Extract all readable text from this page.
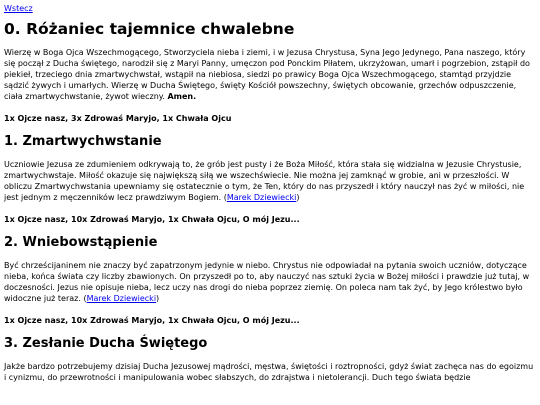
Wstecz
0. Różaniec tajemnice chwalebne

Wierzę w Boga Ojca Wszechmogącego, Stworzyciela nieba i ziemi, i w Jezusa Chrystusa, Syna Jego Jedynego, Pana naszego, który się począł z Ducha świętego, narodził się z Maryi Panny, umęczon pod Ponckim Piłatem, ukrzyżowan, umarł i pogrzebion, zstąpił do piekieł, trzeciego dnia zmartwychwstał, wstąpił na niebiosa, siedzi po prawicy Boga Ojca Wszechmogącego, stamtąd przyjdzie sądzić żywych i umarłych. Wierzę w Ducha Świętego, święty Kościół powszechny, świętych obcowanie, grzechów odpuszczenie, ciała zmartwychwstanie, żywot wieczny. Amen.

1x Ojcze nasz, 3x Zdrowaś Maryjo, 1x Chwała Ojcu

1. Zmartwychwstanie

Uczniowie Jezusa ze zdumieniem odkrywają to, że grób jest pusty i że Boża Miłość, która stała się widzialna w Jezusie Chrystusie, zmartwychwstaje. Miłość okazuje się największą siłą we wszechświecie. Nie można jej zamknąć w grobie, ani w przeszłości. W obliczu Zmartwychwstania upewniamy się ostatecznie o tym, że Ten, który do nas przyszedł i który nauczył nas żyć w miłości, nie jest jednym z męczenników lecz prawdziwym Bogiem. (Marek Dziewiecki)

1x Ojcze nasz, 10x Zdrowaś Maryjo, 1x Chwała Ojcu, O mój Jezu...

2. Wniebowstąpienie

Być chrześcijaninem nie znaczy być zapatrzonym jedynie w niebo. Chrystus nie odpowiadał na pytania swoich uczniów, dotyczące nieba, końca świata czy liczby zbawionych. On przyszedł po to, aby nauczyć nas sztuki życia w Bożej miłości i prawdzie już tutaj, w doczesności. Jezus nie opisuje nieba, lecz uczy nas drogi do nieba poprzez ziemię. On poleca nam tak żyć, by Jego królestwo było widoczne już teraz. (Marek Dziewiecki)

1x Ojcze nasz, 10x Zdrowaś Maryjo, 1x Chwała Ojcu, O mój Jezu...

3. Zesłanie Ducha Świętego

Jakże bardzo potrzebujemy dzisiaj Ducha Jezusowej mądrości, męstwa, świętości i roztropności, gdyż świat zachęca nas do egoizmu i cynizmu, do przewrotności i manipulowania wobec słabszych, do zdrajstwa i nietolerancji. Duch tego świata będzie
